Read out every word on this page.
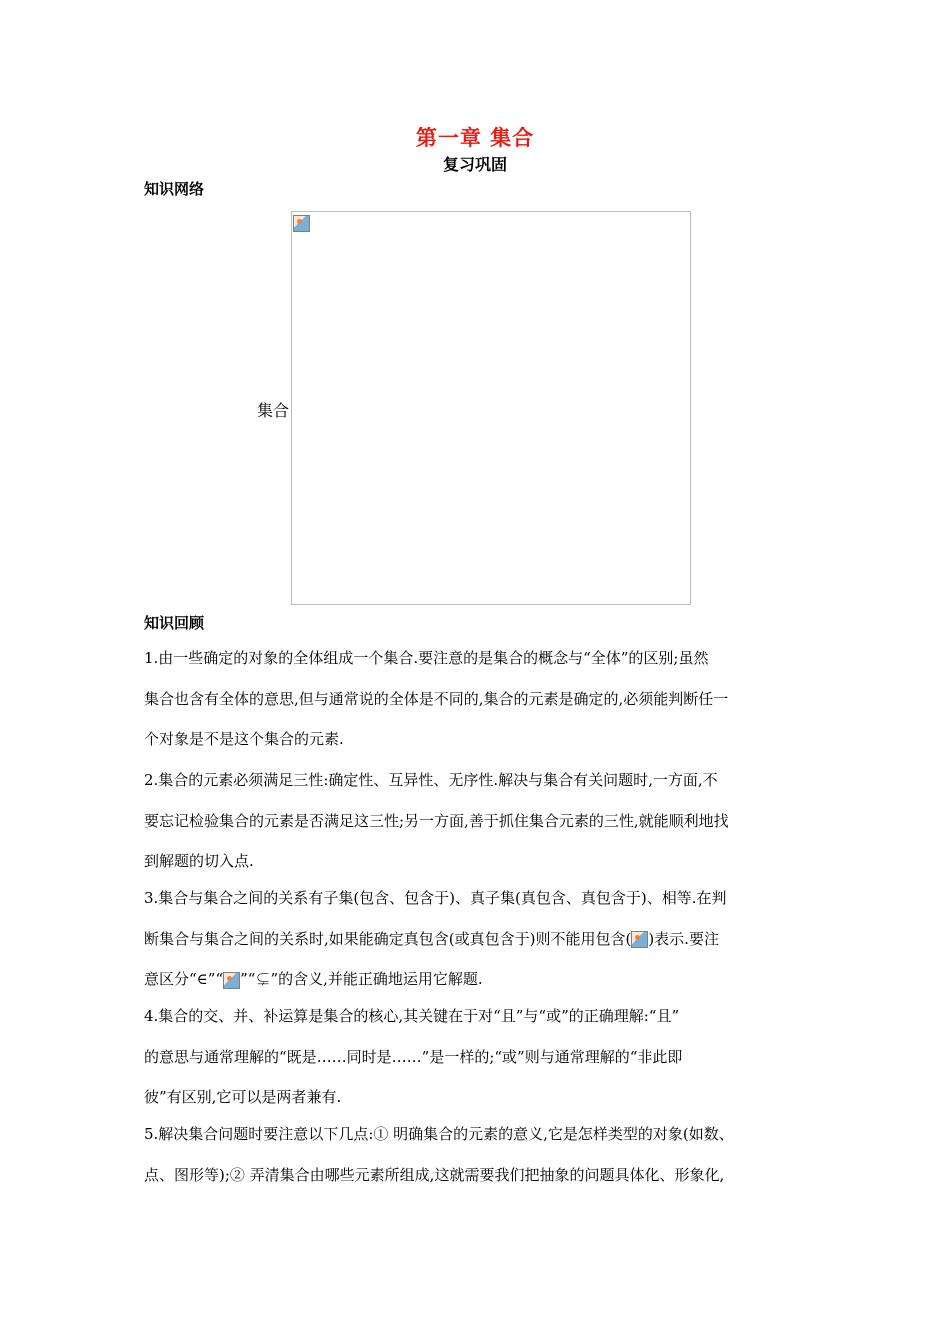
第一章 集合
复习巩固
知识网络
集合
知识回顾
1.由一些确定的对象的全体组成一个集合.要注意的是集合的概念与“全体”的区别;虽然
集合也含有全体的意思,但与通常说的全体是不同的,集合的元素是确定的,必须能判断任一
个对象是不是这个集合的元素.
2.集合的元素必须满足三性:确定性、互异性、无序性.解决与集合有关问题时,一方面,不
要忘记检验集合的元素是否满足这三性;另一方面,善于抓住集合元素的三性,就能顺利地找
到解题的切入点.
3.集合与集合之间的关系有子集(包含、包含于)、真子集(真包含、真包含于)、相等.在判
断集合与集合之间的关系时,如果能确定真包含(或真包含于)则不能用包含( )表示.要注
意区分“∈”“ ”“⊊”的含义,并能正确地运用它解题.
4.集合的交、并、补运算是集合的核心,其关键在于对“且”与“或”的正确理解:“且”
的意思与通常理解的“既是……同时是……”是一样的;“或”则与通常理解的“非此即
彼”有区别,它可以是两者兼有.
5.解决集合问题时要注意以下几点:① 明确集合的元素的意义,它是怎样类型的对象(如数、
点、图形等);② 弄清集合由哪些元素所组成,这就需要我们把抽象的问题具体化、形象化,
